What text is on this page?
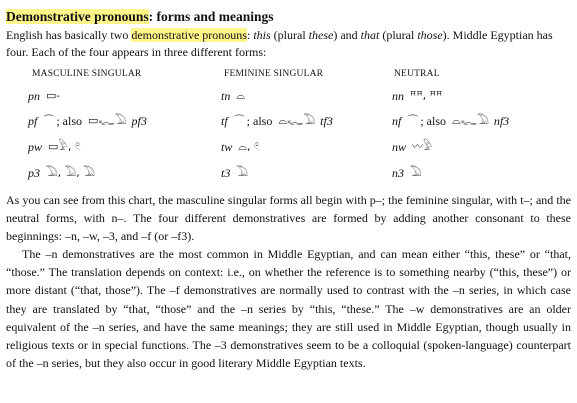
Demonstrative pronouns: forms and meanings

English has basically two demonstrative pronouns: this (plural these) and that (plural those). Middle Egyptian has four. Each of the four appears in three different forms:

MASCULINE SINGULAR	FEMININE SINGULAR	NEUTRAL
pn ▭˗	tn ⌓	nn ꟸꟸ, ꟸꟸ
pf ⌒ ; also ▭𓆑𓅐 pf3	tf ⌒ ; also ⌓𓆑𓅐 tf3	nf ⌒ ; also ⌓𓆑𓅐 nf3
pw ▭𓅱, 𓏲	tw ⌓, 𓏲	nw 〰𓅱
p3 𓅐, 𓅐, 𓅐	t3 𓅐	n3 𓅐

As you can see from this chart, the masculine singular forms all begin with p–; the feminine singular, with t–; and the neutral forms, with n–. The four different demonstratives are formed by adding another consonant to these beginnings: –n, –w, –3, and –f (or –f3).

The –n demonstratives are the most common in Middle Egyptian, and can mean either “this, these” or “that, “those.” The translation depends on context: i.e., on whether the reference is to something nearby (“this, these”) or more distant (“that, those”). The –f demonstratives are normally used to contrast with the –n series, in which case they are translated by “that, “those” and the –n series by “this, “these.” The –w demonstratives are an older equivalent of the –n series, and have the same meanings; they are still used in Middle Egyptian, though usually in religious texts or in special functions. The –3 demonstratives seem to be a colloquial (spoken-language) counterpart of the –n series, but they also occur in good literary Middle Egyptian texts.
